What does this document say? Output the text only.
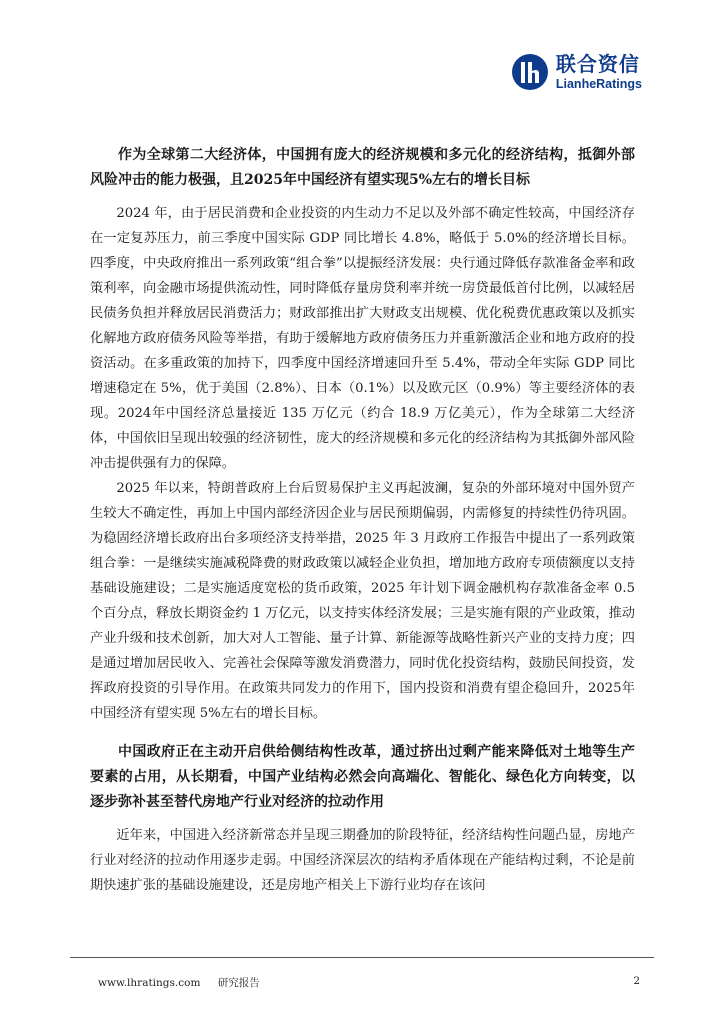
联合资信
LianheRatings

作为全球第二大经济体，中国拥有庞大的经济规模和多元化的经济结构，抵御外部风险冲击的能力极强，且2025年中国经济有望实现5%左右的增长目标

2024 年，由于居民消费和企业投资的内生动力不足以及外部不确定性较高，中国经济存在一定复苏压力，前三季度中国实际 GDP 同比增长 4.8%，略低于 5.0%的经济增长目标。四季度，中央政府推出一系列政策“组合拳”以提振经济发展：央行通过降低存款准备金率和政策利率，向金融市场提供流动性，同时降低存量房贷利率并统一房贷最低首付比例，以减轻居民债务负担并释放居民消费活力；财政部推出扩大财政支出规模、优化税费优惠政策以及抓实化解地方政府债务风险等举措，有助于缓解地方政府债务压力并重新激活企业和地方政府的投资活动。在多重政策的加持下，四季度中国经济增速回升至 5.4%，带动全年实际 GDP 同比增速稳定在 5%，优于美国（2.8%）、日本（0.1%）以及欧元区（0.9%）等主要经济体的表现。2024年中国经济总量接近 135 万亿元（约合 18.9 万亿美元），作为全球第二大经济体，中国依旧呈现出较强的经济韧性，庞大的经济规模和多元化的经济结构为其抵御外部风险冲击提供强有力的保障。

2025 年以来，特朗普政府上台后贸易保护主义再起波澜，复杂的外部环境对中国外贸产生较大不确定性，再加上中国内部经济因企业与居民预期偏弱，内需修复的持续性仍待巩固。为稳固经济增长政府出台多项经济支持举措，2025 年 3 月政府工作报告中提出了一系列政策组合拳：一是继续实施减税降费的财政政策以减轻企业负担，增加地方政府专项债额度以支持基础设施建设；二是实施适度宽松的货币政策，2025 年计划下调金融机构存款准备金率 0.5 个百分点，释放长期资金约 1 万亿元，以支持实体经济发展；三是实施有限的产业政策，推动产业升级和技术创新，加大对人工智能、量子计算、新能源等战略性新兴产业的支持力度；四是通过增加居民收入、完善社会保障等激发消费潜力，同时优化投资结构，鼓励民间投资，发挥政府投资的引导作用。在政策共同发力的作用下，国内投资和消费有望企稳回升，2025年中国经济有望实现 5%左右的增长目标。

中国政府正在主动开启供给侧结构性改革，通过挤出过剩产能来降低对土地等生产要素的占用，从长期看，中国产业结构必然会向高端化、智能化、绿色化方向转变，以逐步弥补甚至替代房地产行业对经济的拉动作用

近年来，中国进入经济新常态并呈现三期叠加的阶段特征，经济结构性问题凸显，房地产行业对经济的拉动作用逐步走弱。中国经济深层次的结构矛盾体现在产能结构过剩，不论是前期快速扩张的基础设施建设，还是房地产相关上下游行业均存在该问

www.lhratings.com 研究报告	2
